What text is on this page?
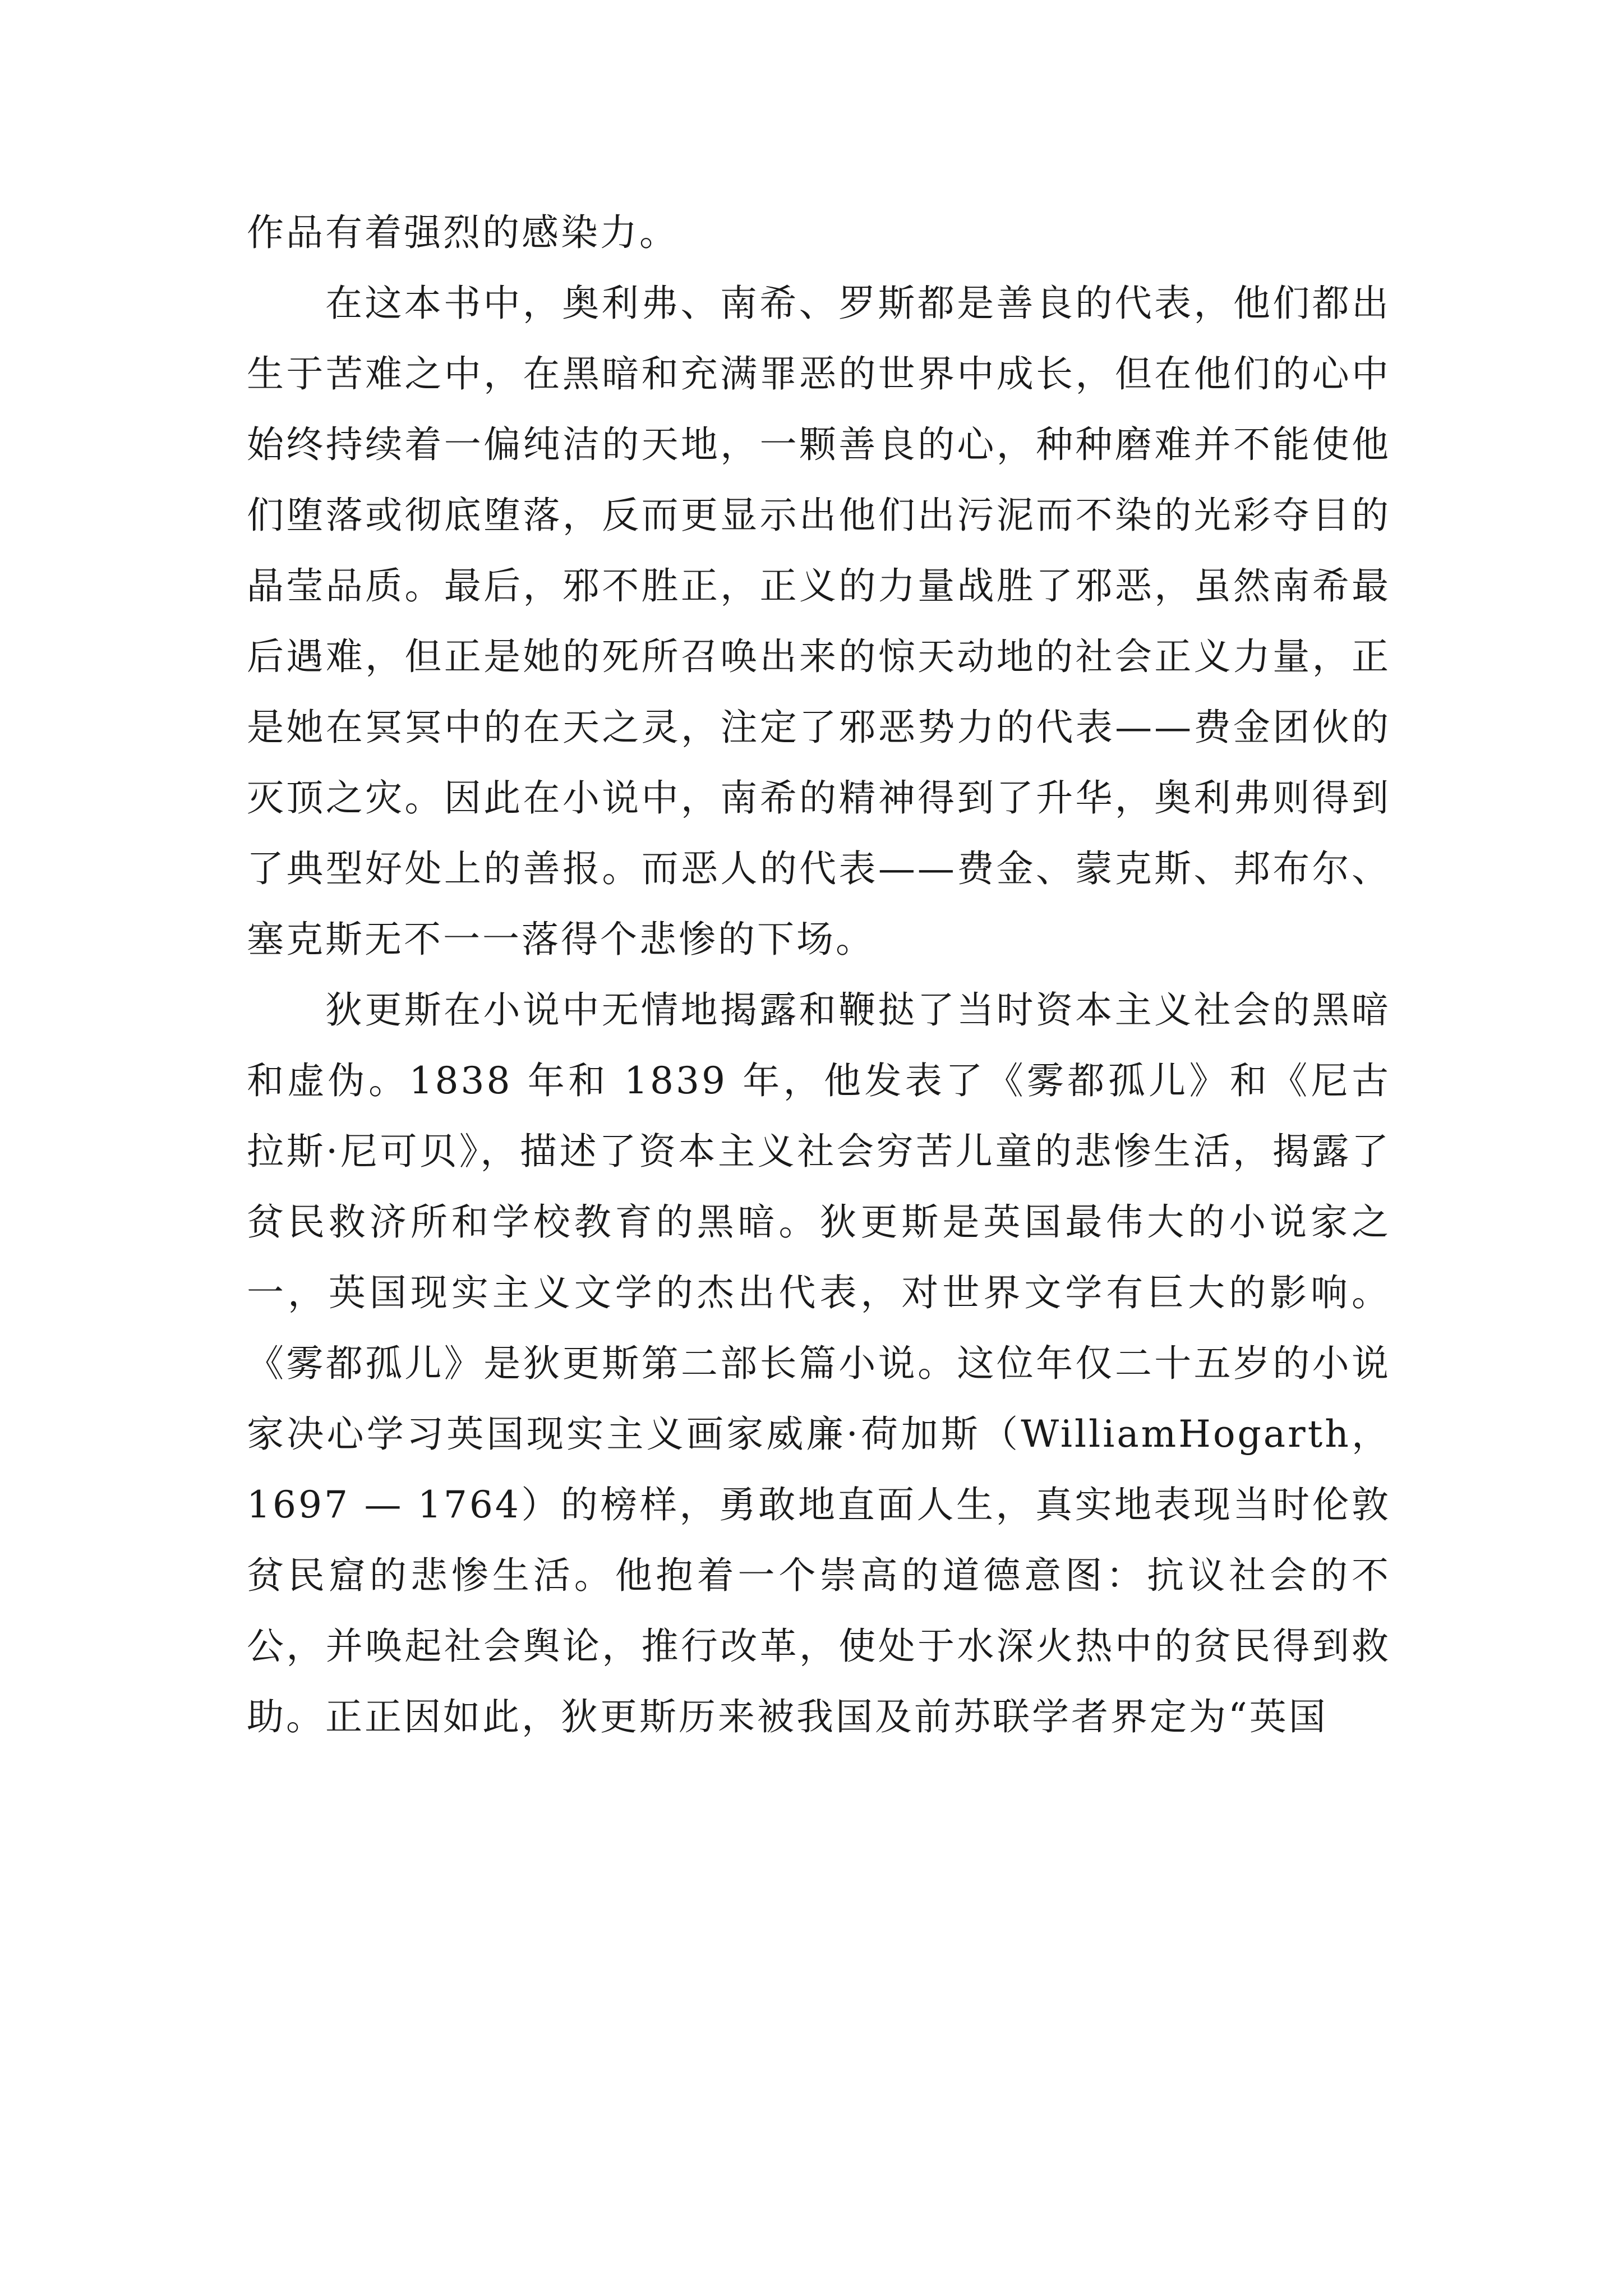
作品有着强烈的感染力。

在这本书中，奥利弗、南希、罗斯都是善良的代表，他们都出生于苦难之中，在黑暗和充满罪恶的世界中成长，但在他们的心中始终持续着一偏纯洁的天地，一颗善良的心，种种磨难并不能使他们堕落或彻底堕落，反而更显示出他们出污泥而不染的光彩夺目的晶莹品质。最后，邪不胜正，正义的力量战胜了邪恶，虽然南希最后遇难，但正是她的死所召唤出来的惊天动地的社会正义力量，正是她在冥冥中的在天之灵，注定了邪恶势力的代表——费金团伙的灭顶之灾。因此在小说中，南希的精神得到了升华，奥利弗则得到了典型好处上的善报。而恶人的代表——费金、蒙克斯、邦布尔、塞克斯无不一一落得个悲惨的下场。

狄更斯在小说中无情地揭露和鞭挞了当时资本主义社会的黑暗和虚伪。1838 年和 1839 年，他发表了《雾都孤儿》和《尼古拉斯·尼可贝》，描述了资本主义社会穷苦儿童的悲惨生活，揭露了贫民救济所和学校教育的黑暗。狄更斯是英国最伟大的小说家之一，英国现实主义文学的杰出代表，对世界文学有巨大的影响。《雾都孤儿》是狄更斯第二部长篇小说。这位年仅二十五岁的小说家决心学习英国现实主义画家威廉·荷加斯（WilliamHogarth，1697 — 1764）的榜样，勇敢地直面人生，真实地表现当时伦敦贫民窟的悲惨生活。他抱着一个崇高的道德意图：抗议社会的不公，并唤起社会舆论，推行改革，使处于水深火热中的贫民得到救助。正正因如此，狄更斯历来被我国及前苏联学者界定为“英国
